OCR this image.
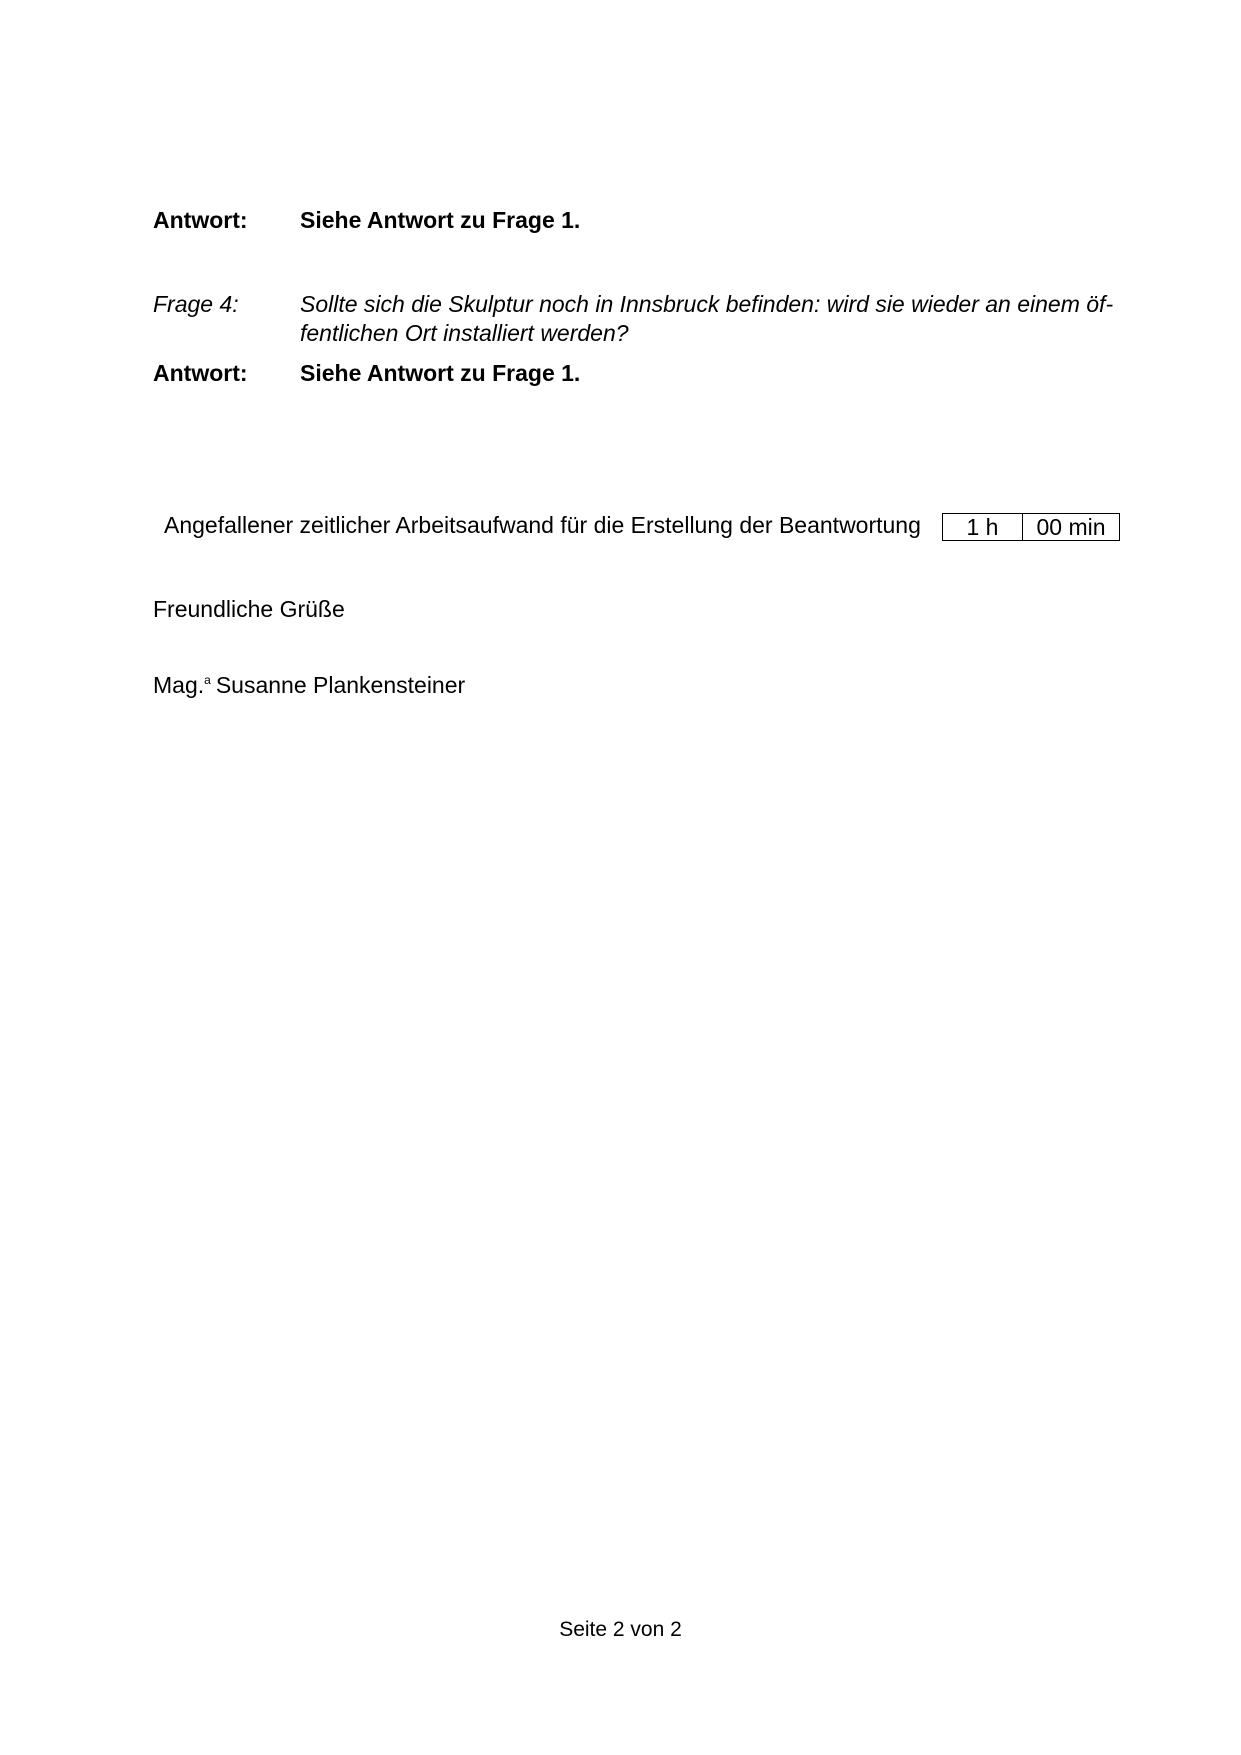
Antwort:	Siehe Antwort zu Frage 1.
Frage 4:	Sollte sich die Skulptur noch in Innsbruck befinden: wird sie wieder an einem öf-
fentlichen Ort installiert werden?
Antwort:	Siehe Antwort zu Frage 1.
Angefallener zeitlicher Arbeitsaufwand für die Erstellung der Beantwortung 1 h	00 min
Freundliche Grüße
Mag.$^a$ Susanne Plankensteiner
Seite 2 von 2
